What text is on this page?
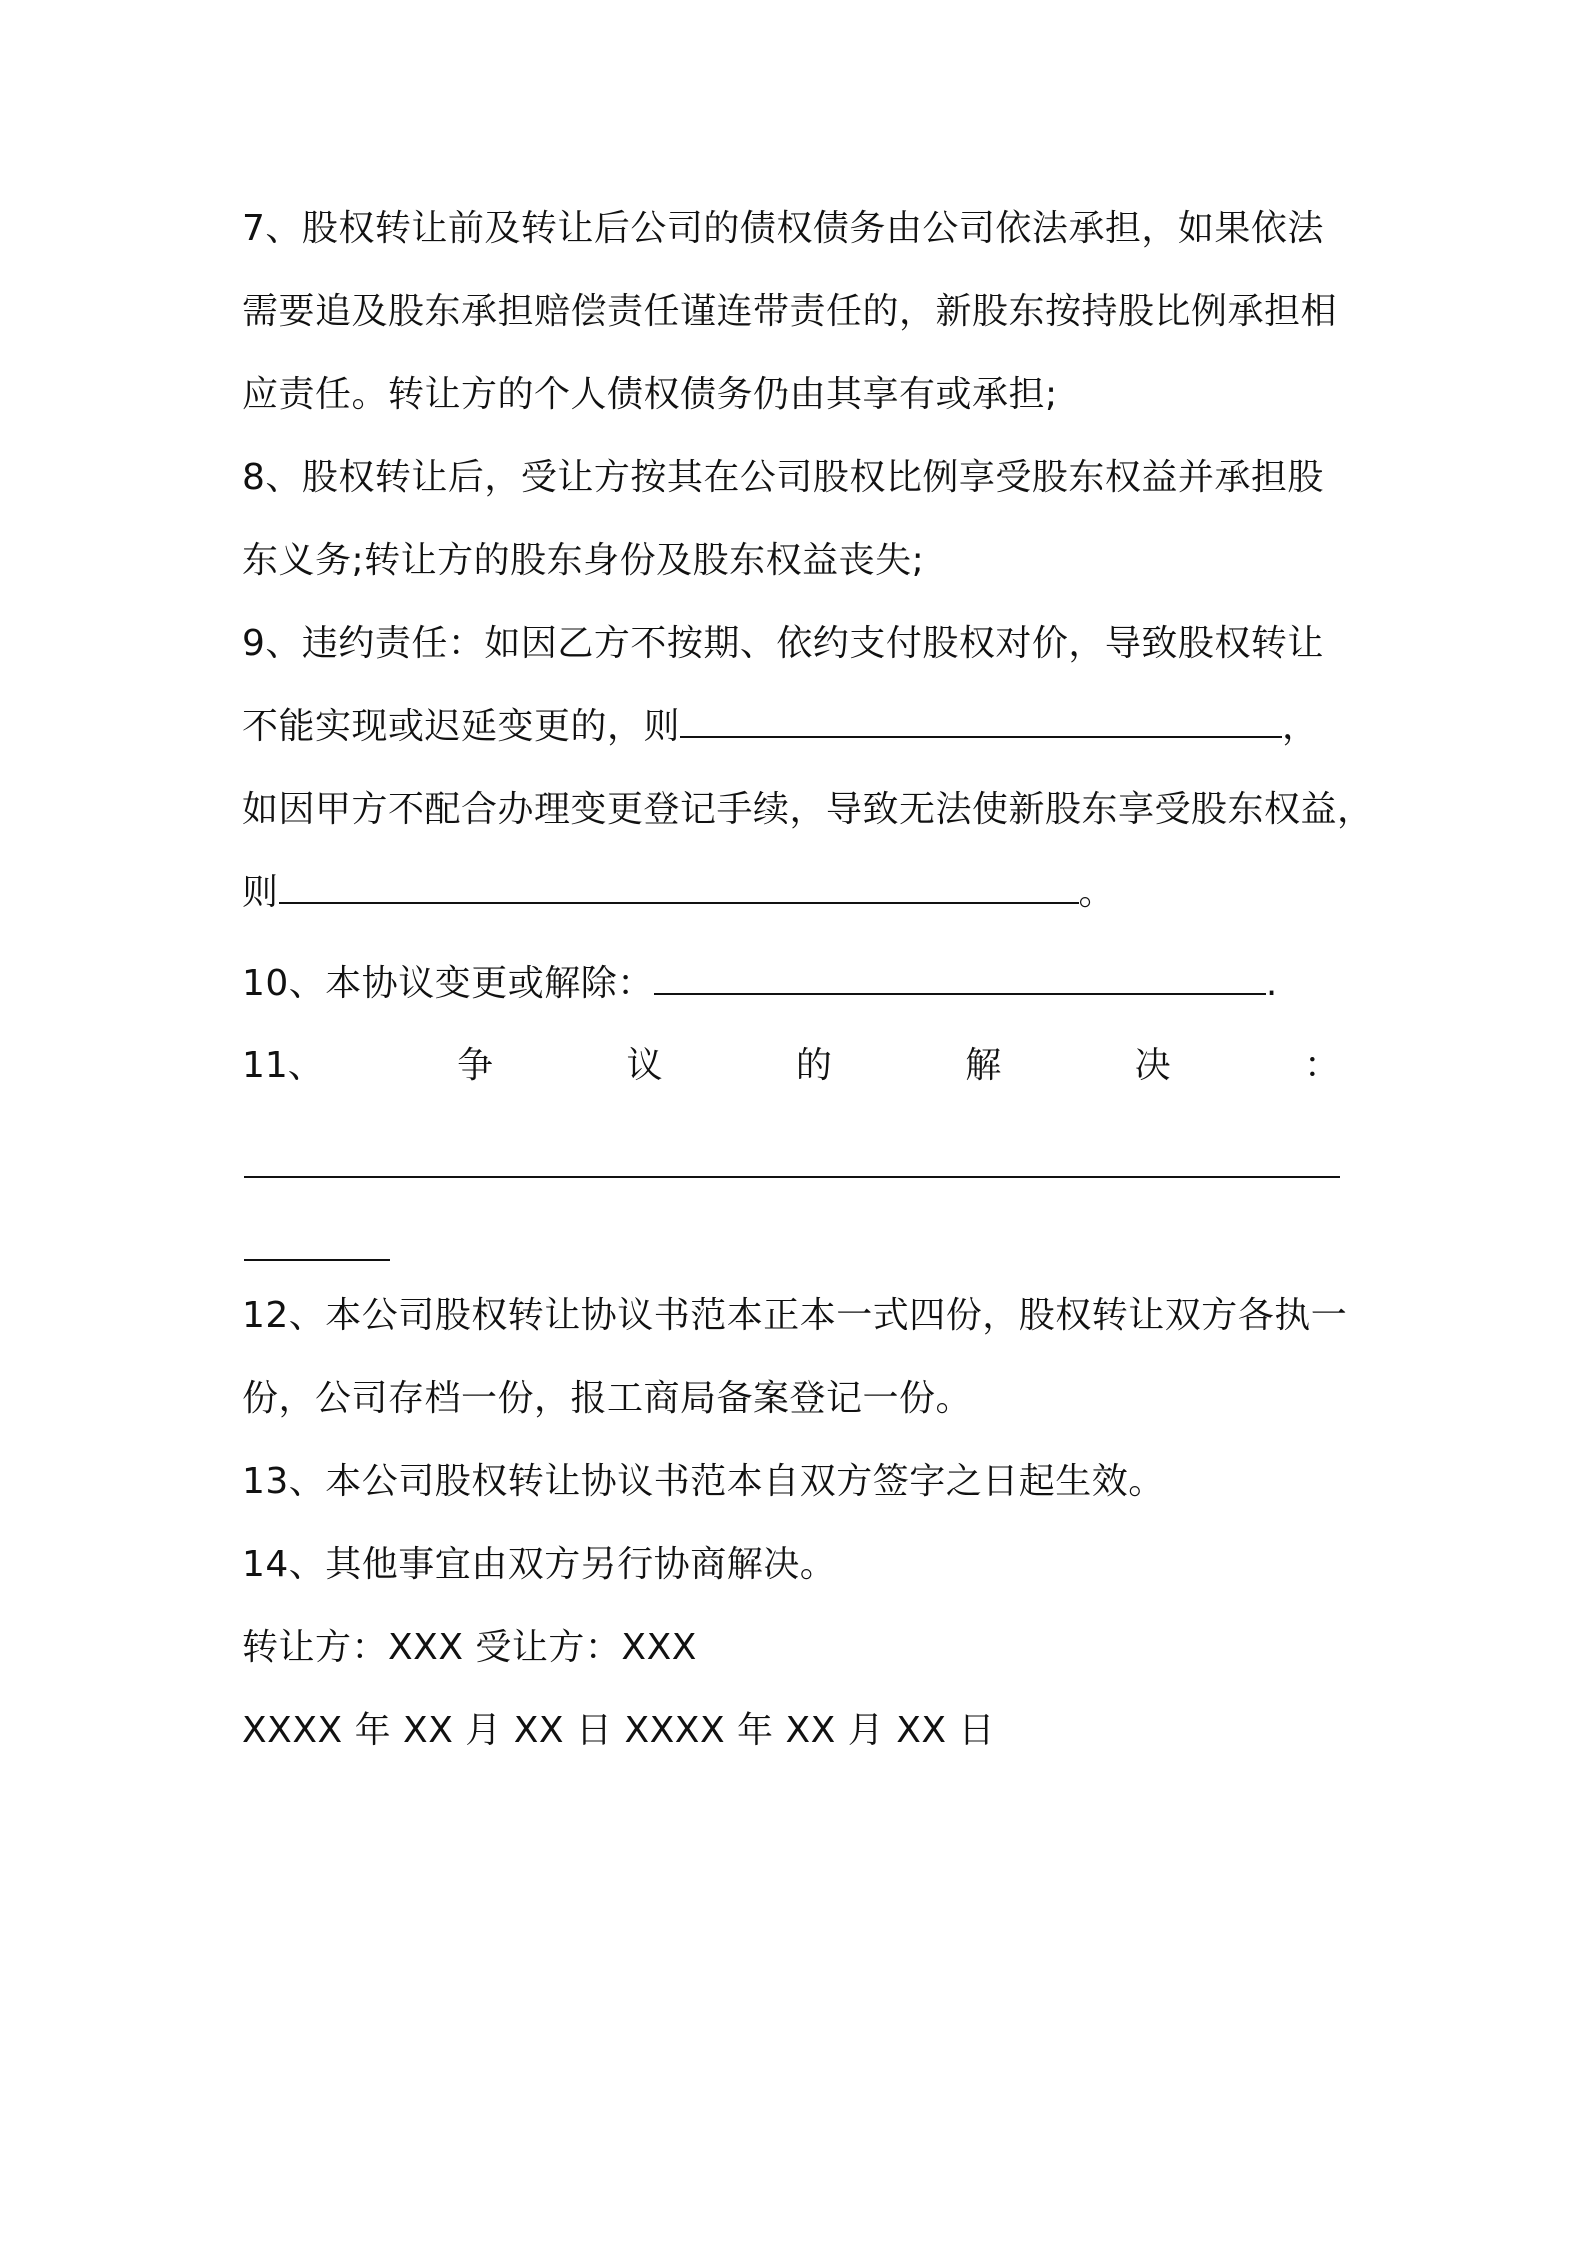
7、股权转让前及转让后公司的债权债务由公司依法承担，如果依法
需要追及股东承担赔偿责任谨连带责任的，新股东按持股比例承担相
应责任。转让方的个人债权债务仍由其享有或承担;
8、股权转让后，受让方按其在公司股权比例享受股东权益并承担股
东义务;转让方的股东身份及股东权益丧失;
9、违约责任：如因乙方不按期、依约支付股权对价，导致股权转让
不能实现或迟延变更的，则	，
如因甲方不配合办理变更登记手续，导致无法使新股东享受股东权益，
则	。
10、本协议变更或解除：	.
11、	争	议	的	解	决	：
12、本公司股权转让协议书范本正本一式四份，股权转让双方各执一
份，公司存档一份，报工商局备案登记一份。
13、本公司股权转让协议书范本自双方签字之日起生效。
14、其他事宜由双方另行协商解决。
转让方：XXX 受让方：XXX
XXXX 年 XX 月 XX 日 XXXX 年 XX 月 XX 日
